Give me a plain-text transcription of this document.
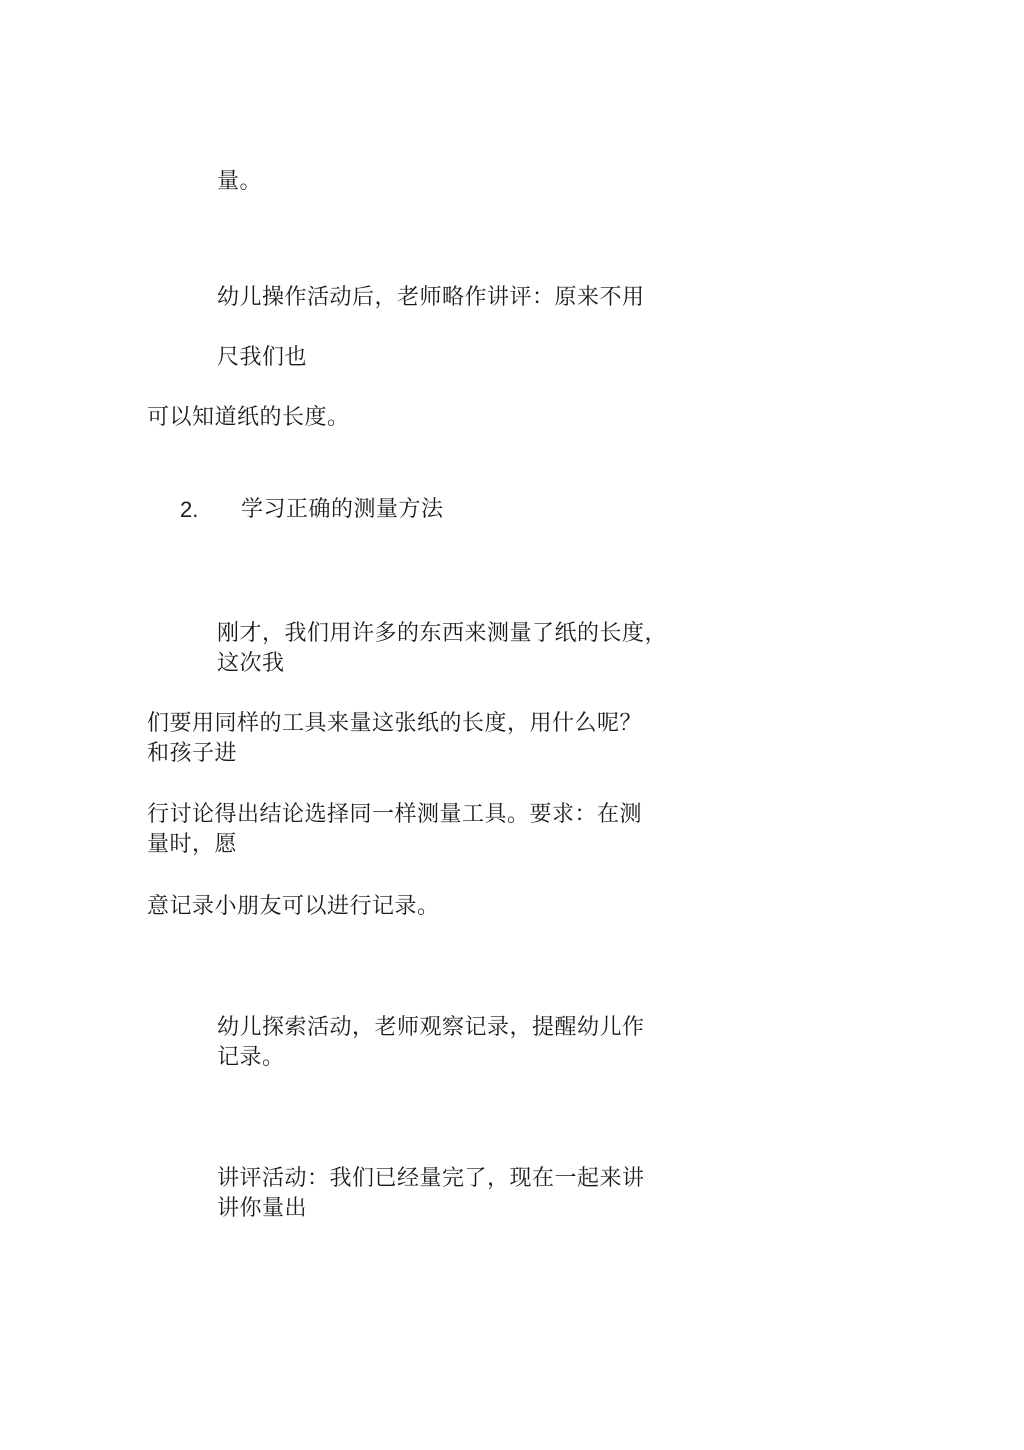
量。
幼儿操作活动后，老师略作讲评：原来不用
尺我们也
可以知道纸的长度。
2. 学习正确的测量方法
刚才，我们用许多的东西来测量了纸的长度，
这次我
们要用同样的工具来量这张纸的长度，用什么呢？
和孩子进
行讨论得出结论选择同一样测量工具。要求：在测
量时，愿
意记录小朋友可以进行记录。
幼儿探索活动，老师观察记录，提醒幼儿作
记录。
讲评活动：我们已经量完了，现在一起来讲
讲你量出
